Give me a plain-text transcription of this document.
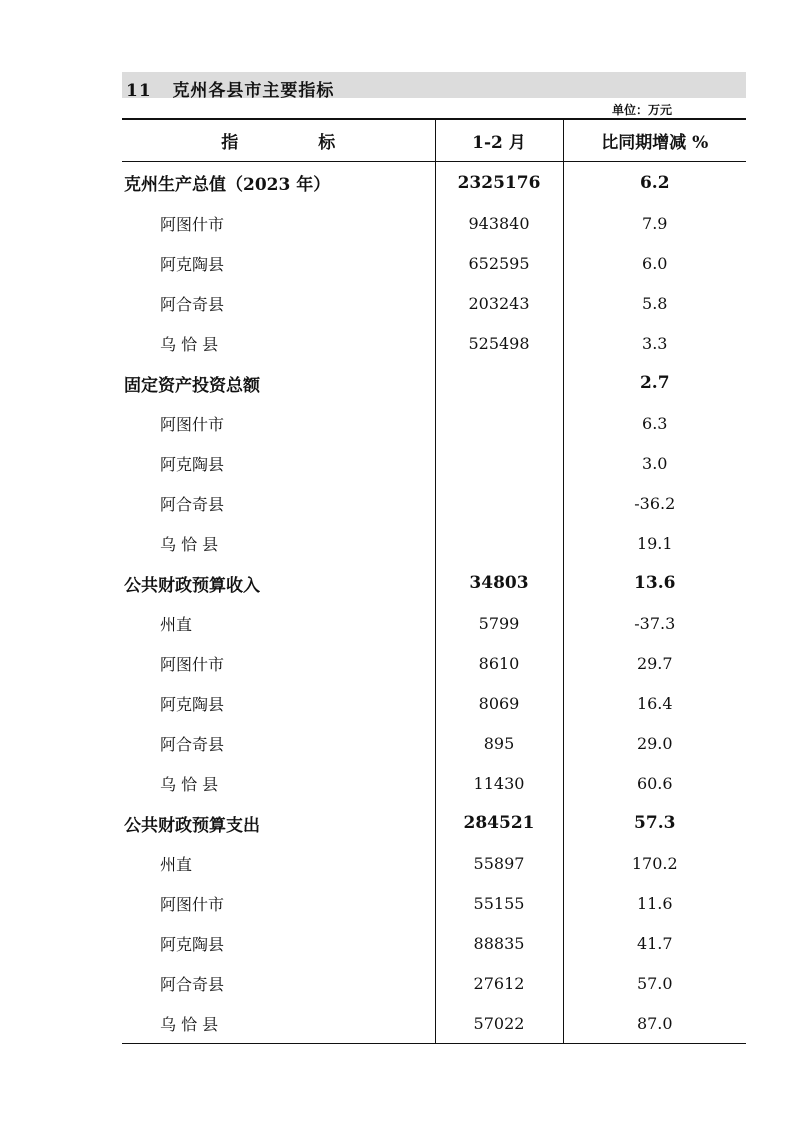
11 克州各县市主要指标
单位：万元
指 标	1-2 月	比同期增减 %
克州生产总值（2023 年）	2325176	6.2
阿图什市	943840	7.9
阿克陶县	652595	6.0
阿合奇县	203243	5.8
乌 恰 县	525498	3.3
固定资产投资总额		2.7
阿图什市		6.3
阿克陶县		3.0
阿合奇县		-36.2
乌 恰 县		19.1
公共财政预算收入	34803	13.6
州直	5799	-37.3
阿图什市	8610	29.7
阿克陶县	8069	16.4
阿合奇县	895	29.0
乌 恰 县	11430	60.6
公共财政预算支出	284521	57.3
州直	55897	170.2
阿图什市	55155	11.6
阿克陶县	88835	41.7
阿合奇县	27612	57.0
乌 恰 县	57022	87.0
